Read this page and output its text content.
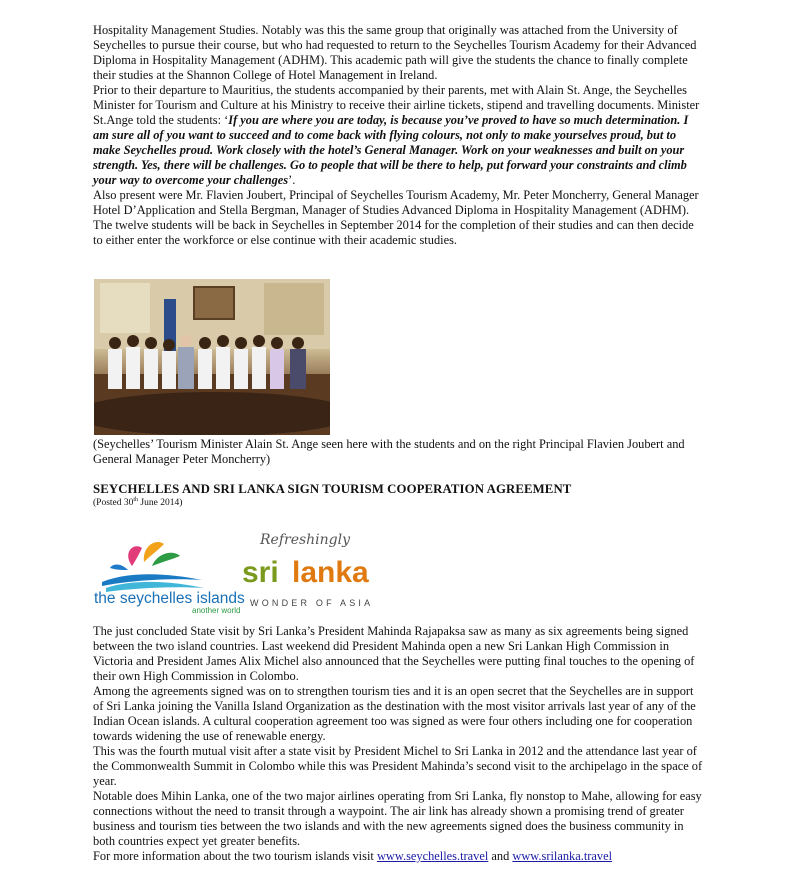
Hospitality Management Studies. Notably was this the same group that originally was attached from the University of Seychelles to pursue their course, but who had requested to return to the Seychelles Tourism Academy for their Advanced Diploma in Hospitality Management (ADHM). This academic path will give the students the chance to finally complete their studies at the Shannon College of Hotel Management in Ireland.

Prior to their departure to Mauritius, the students accompanied by their parents, met with Alain St. Ange, the Seychelles Minister for Tourism and Culture at his Ministry to receive their airline tickets, stipend and travelling documents. Minister St.Ange told the students: ‘If you are where you are today, is because you’ve proved to have so much determination. I am sure all of you want to succeed and to come back with flying colours, not only to make yourselves proud, but to make Seychelles proud. Work closely with the hotel’s General Manager. Work on your weaknesses and built on your strength. Yes, there will be challenges. Go to people that will be there to help, put forward your constraints and climb your way to overcome your challenges’.

Also present were Mr. Flavien Joubert, Principal of Seychelles Tourism Academy, Mr. Peter Moncherry, General Manager Hotel D’Application and Stella Bergman, Manager of Studies Advanced Diploma in Hospitality Management (ADHM).

The twelve students will be back in Seychelles in September 2014 for the completion of their studies and can then decide to either enter the workforce or else continue with their academic studies.

(Seychelles’ Tourism Minister Alain St. Ange seen here with the students and on the right Principal Flavien Joubert and General Manager Peter Moncherry)
SEYCHELLES AND SRI LANKA SIGN TOURISM COOPERATION AGREEMENT
(Posted 30th June 2014)
the seychelles islands
another world
Refreshingly
sri lanka
WONDER OF ASIA

The just concluded State visit by Sri Lanka’s President Mahinda Rajapaksa saw as many as six agreements being signed between the two island countries. Last weekend did President Mahinda open a new Sri Lankan High Commission in Victoria and President James Alix Michel also announced that the Seychelles were putting final touches to the opening of their own High Commission in Colombo.

Among the agreements signed was on to strengthen tourism ties and it is an open secret that the Seychelles are in support of Sri Lanka joining the Vanilla Island Organization as the destination with the most visitor arrivals last year of any of the Indian Ocean islands. A cultural cooperation agreement too was signed as were four others including one for cooperation towards widening the use of renewable energy.

This was the fourth mutual visit after a state visit by President Michel to Sri Lanka in 2012 and the attendance last year of the Commonwealth Summit in Colombo while this was President Mahinda’s second visit to the archipelago in the space of year.

Notable does Mihin Lanka, one of the two major airlines operating from Sri Lanka, fly nonstop to Mahe, allowing for easy connections without the need to transit through a waypoint. The air link has already shown a promising trend of greater business and tourism ties between the two islands and with the new agreements signed does the business community in both countries expect yet greater benefits.

For more information about the two tourism islands visit www.seychelles.travel and www.srilanka.travel
